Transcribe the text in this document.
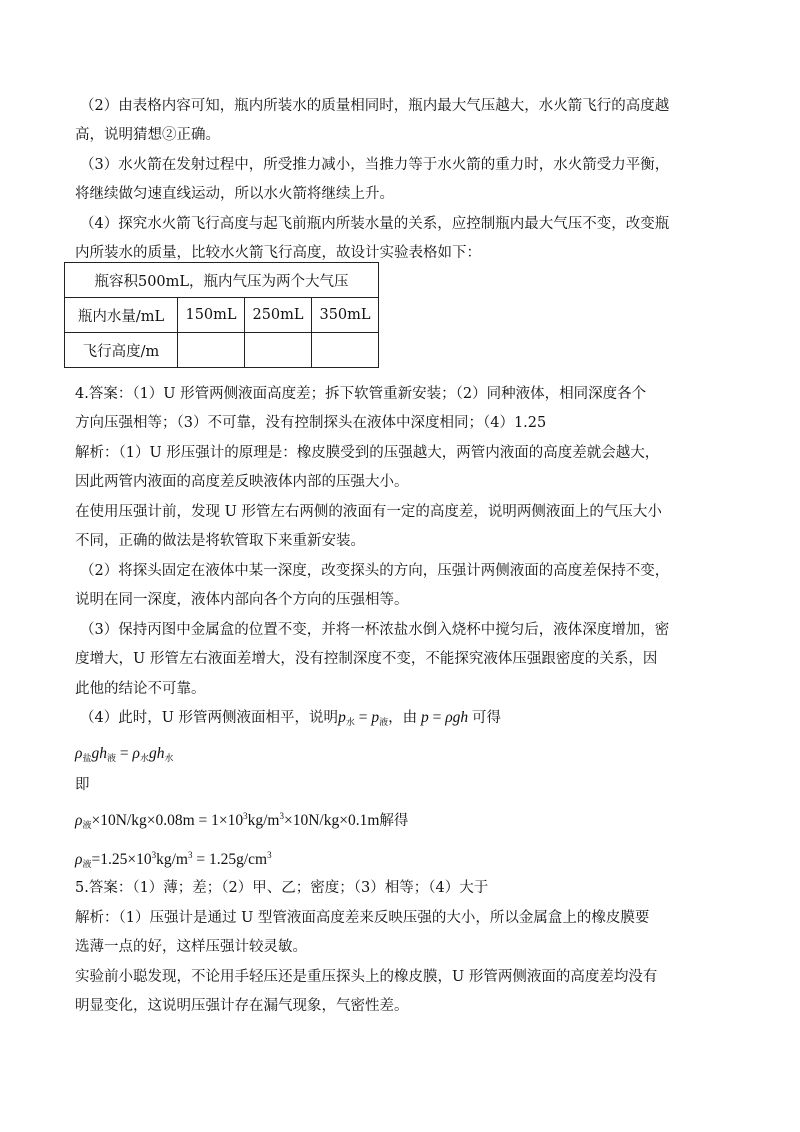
（2）由表格内容可知，瓶内所装水的质量相同时，瓶内最大气压越大，水火箭飞行的高度越
高，说明猜想②正确。
（3）水火箭在发射过程中，所受推力减小，当推力等于水火箭的重力时，水火箭受力平衡，
将继续做匀速直线运动，所以水火箭将继续上升。
（4）探究水火箭飞行高度与起飞前瓶内所装水量的关系，应控制瓶内最大气压不变，改变瓶
内所装水的质量，比较水火箭飞行高度，故设计实验表格如下：
瓶容积500mL，瓶内气压为两个大气压			
瓶内水量/mL	150mL	250mL	350mL
飞行高度/m			
4.答案：（1）U 形管两侧液面高度差；拆下软管重新安装；（2）同种液体，相同深度各个
方向压强相等；（3）不可靠，没有控制探头在液体中深度相同；（4）1.25
解析：（1）U 形压强计的原理是：橡皮膜受到的压强越大，两管内液面的高度差就会越大，
因此两管内液面的高度差反映液体内部的压强大小。
在使用压强计前，发现 U 形管左右两侧的液面有一定的高度差，说明两侧液面上的气压大小
不同，正确的做法是将软管取下来重新安装。
（2）将探头固定在液体中某一深度，改变探头的方向，压强计两侧液面的高度差保持不变，
说明在同一深度，液体内部向各个方向的压强相等。
（3）保持丙图中金属盒的位置不变，并将一杯浓盐水倒入烧杯中搅匀后，液体深度增加，密
度增大，U 形管左右液面差增大，没有控制深度不变，不能探究液体压强跟密度的关系，因
此他的结论不可靠。
（4）此时，U 形管两侧液面相平，说明$p_水 = p_液$，由 p = ρgh 可得
$\rho_盐gh_液 = \rho_水gh_水$
即
$\rho_液\times 10N/kg\times 0.08m = 1\times 10^3kg/m^3\times 10N/kg\times 0.1m$解得
$\rho_液=1.25\times 10^3kg/m^3 = 1.25g/cm^3$
5.答案：（1）薄；差；（2）甲、乙；密度；（3）相等；（4）大于
解析：（1）压强计是通过 U 型管液面高度差来反映压强的大小，所以金属盒上的橡皮膜要
选薄一点的好，这样压强计较灵敏。
实验前小聪发现，不论用手轻压还是重压探头上的橡皮膜，U 形管两侧液面的高度差均没有
明显变化，这说明压强计存在漏气现象，气密性差。
